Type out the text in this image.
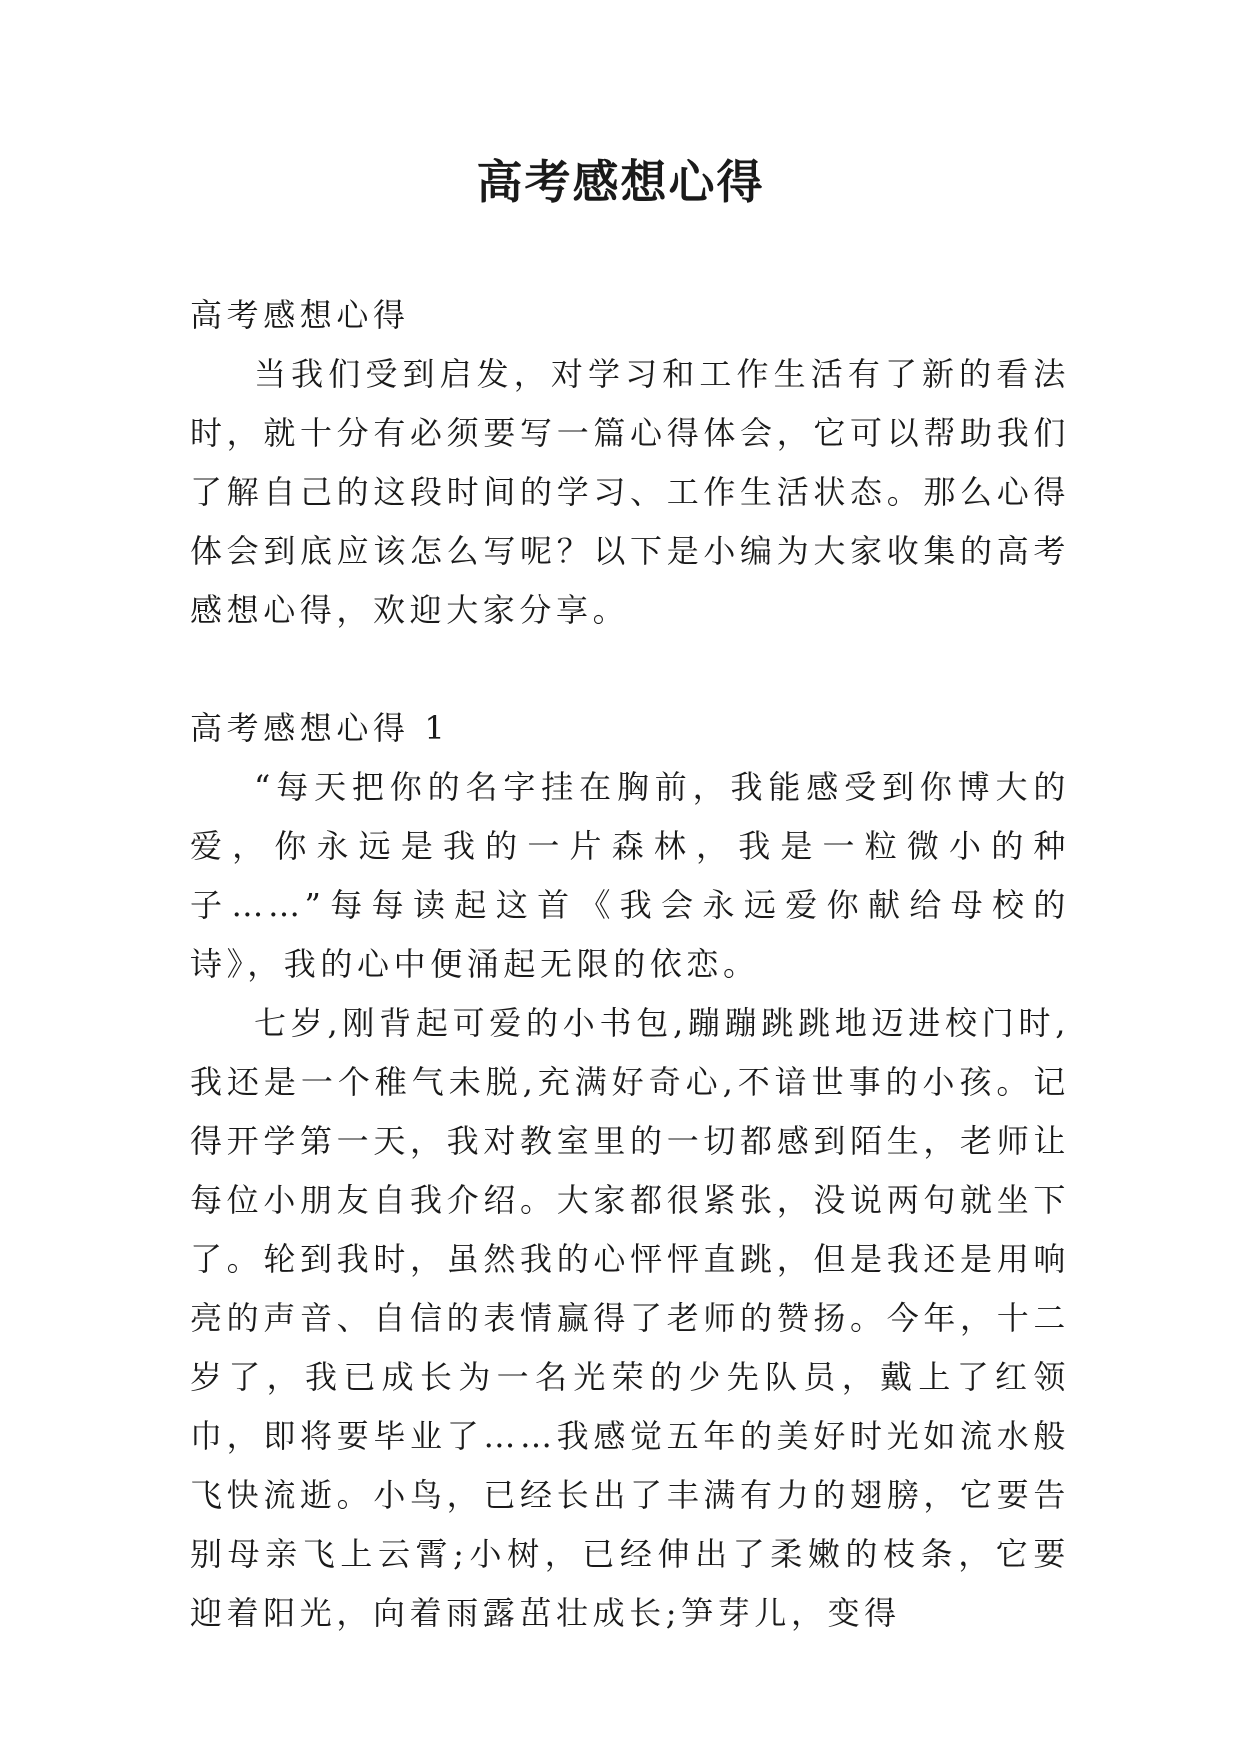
高考感想心得

高考感想心得

当我们受到启发，对学习和工作生活有了新的看法时，就十分有必须要写一篇心得体会，它可以帮助我们了解自己的这段时间的学习、工作生活状态。那么心得体会到底应该怎么写呢？以下是小编为大家收集的高考感想心得，欢迎大家分享。

高考感想心得 1

“每天把你的名字挂在胸前，我能感受到你博大的爱，你永远是我的一片森林，我是一粒微小的种子……”每每读起这首《我会永远爱你献给母校的诗》，我的心中便涌起无限的依恋。

七岁,刚背起可爱的小书包,蹦蹦跳跳地迈进校门时,我还是一个稚气未脱,充满好奇心,不谙世事的小孩。记得开学第一天，我对教室里的一切都感到陌生，老师让每位小朋友自我介绍。大家都很紧张，没说两句就坐下了。轮到我时，虽然我的心怦怦直跳，但是我还是用响亮的声音、自信的表情赢得了老师的赞扬。今年，十二岁了，我已成长为一名光荣的少先队员，戴上了红领巾，即将要毕业了……我感觉五年的美好时光如流水般飞快流逝。小鸟，已经长出了丰满有力的翅膀，它要告别母亲飞上云霄;小树，已经伸出了柔嫩的枝条，它要迎着阳光，向着雨露茁壮成长;笋芽儿，变得
